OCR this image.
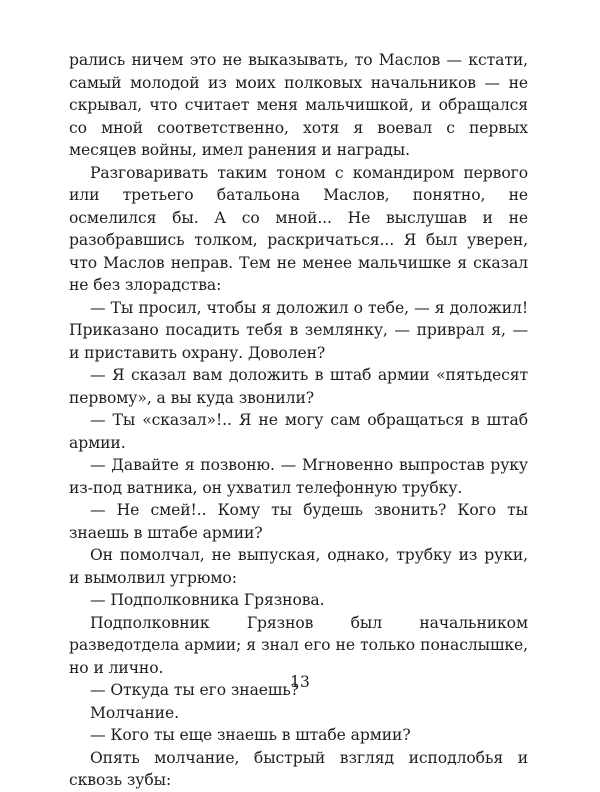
рались ничем это не выказывать, то Маслов — кстати, самый молодой из моих полковых начальников — не скрывал, что считает меня мальчишкой, и обращался со мной соответственно, хотя я воевал с первых месяцев войны, имел ранения и награды.

Разговаривать таким тоном с командиром первого или третьего батальона Маслов, понятно, не осмелился бы. А со мной... Не выслушав и не разобравшись толком, раскричаться... Я был уверен, что Маслов неправ. Тем не менее мальчишке я сказал не без злорадства:

— Ты просил, чтобы я доложил о тебе, — я доложил! Приказано посадить тебя в землянку, — приврал я, — и приставить охрану. Доволен?

— Я сказал вам доложить в штаб армии «пятьдесят первому», а вы куда звонили?

— Ты «сказал»!.. Я не могу сам обращаться в штаб армии.

— Давайте я позвоню. — Мгновенно выпростав руку из-под ватника, он ухватил телефонную трубку.

— Не смей!.. Кому ты будешь звонить? Кого ты знаешь в штабе армии?

Он помолчал, не выпуская, однако, трубку из руки, и вымолвил угрюмо:

— Подполковника Грязнова.

Подполковник Грязнов был начальником разведотдела армии; я знал его не только понаслышке, но и лично.

— Откуда ты его знаешь?

Молчание.

— Кого ты еще знаешь в штабе армии?

Опять молчание, быстрый взгляд исподлобья и сквозь зубы:

13
